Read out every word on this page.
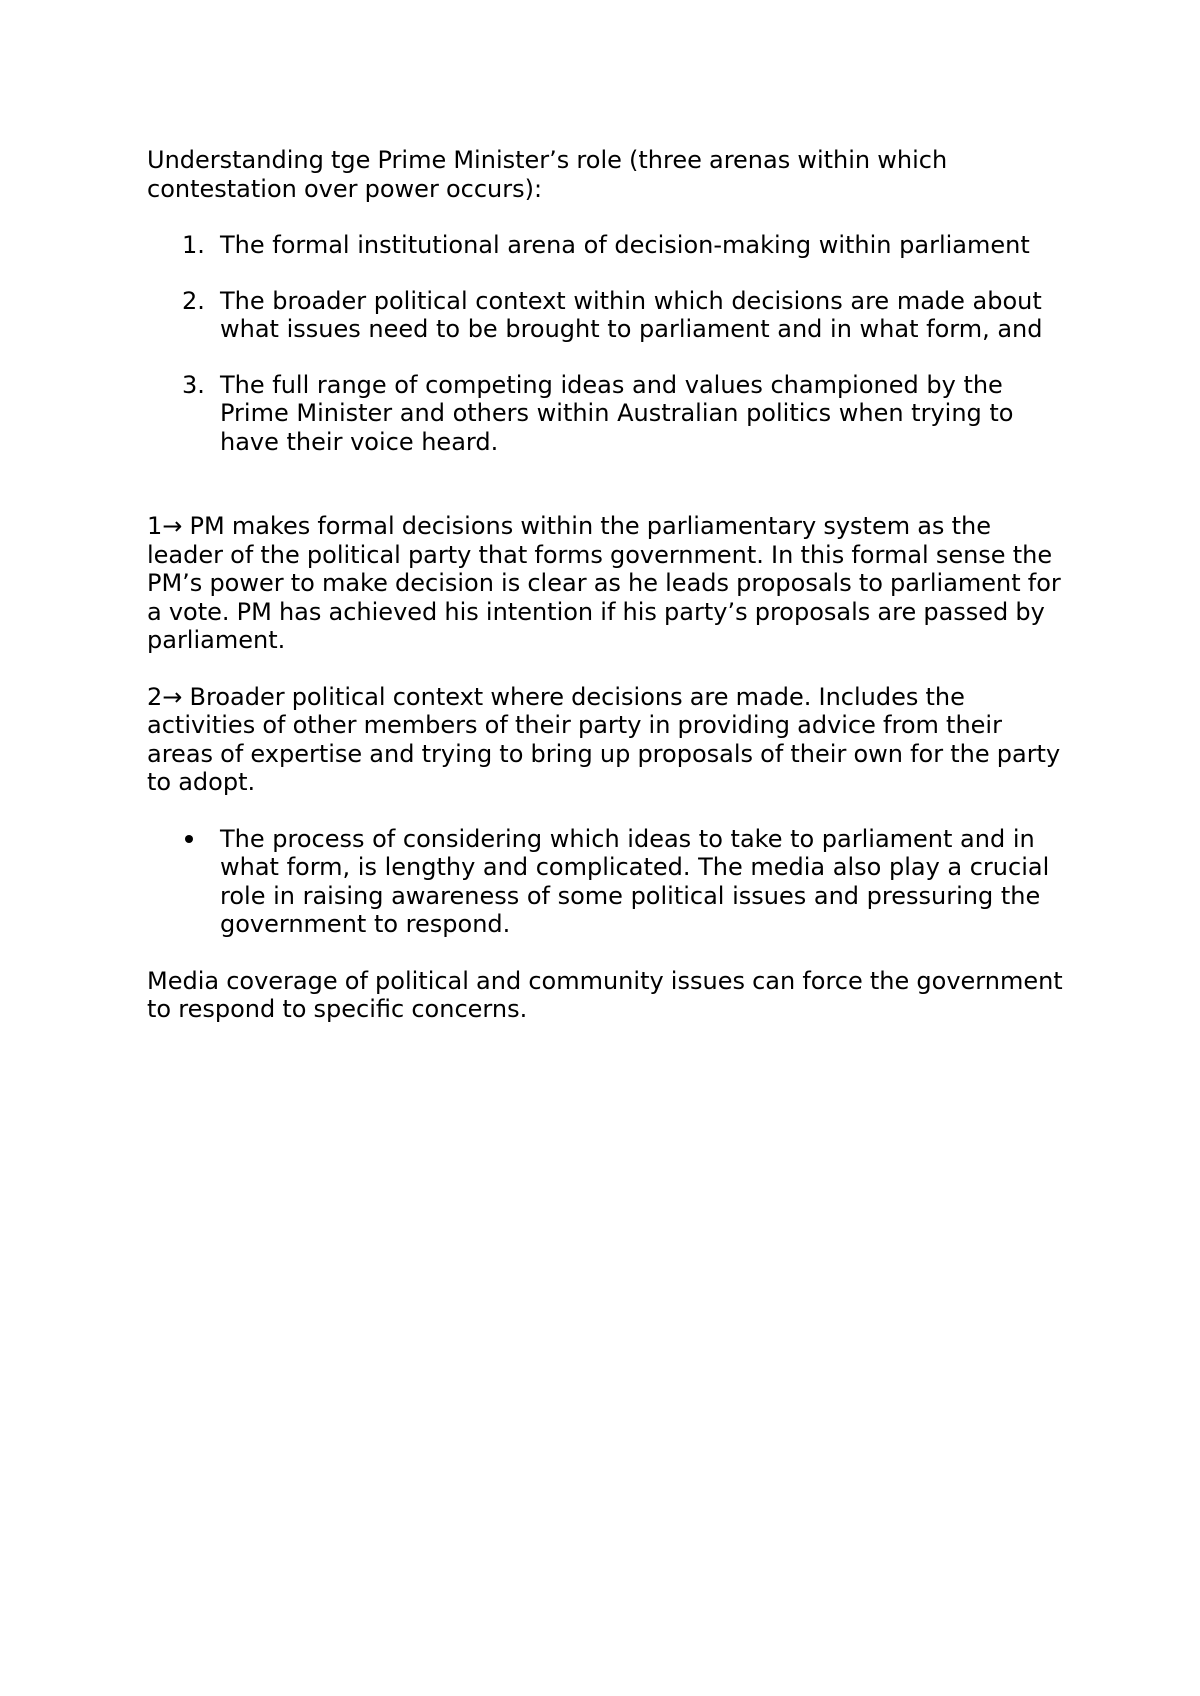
Understanding tge Prime Minister’s role (three arenas within which contestation over power occurs):

1. The formal institutional arena of decision-making within parliament
2. The broader political context within which decisions are made about what issues need to be brought to parliament and in what form, and
3. The full range of competing ideas and values championed by the Prime Minister and others within Australian politics when trying to have their voice heard.

1→ PM makes formal decisions within the parliamentary system as the leader of the political party that forms government. In this formal sense the PM’s power to make decision is clear as he leads proposals to parliament for a vote. PM has achieved his intention if his party’s proposals are passed by parliament.

2→ Broader political context where decisions are made. Includes the activities of other members of their party in providing advice from their areas of expertise and trying to bring up proposals of their own for the party to adopt.

The process of considering which ideas to take to parliament and in what form, is lengthy and complicated. The media also play a crucial role in raising awareness of some political issues and pressuring the government to respond.

Media coverage of political and community issues can force the government to respond to specific concerns.
